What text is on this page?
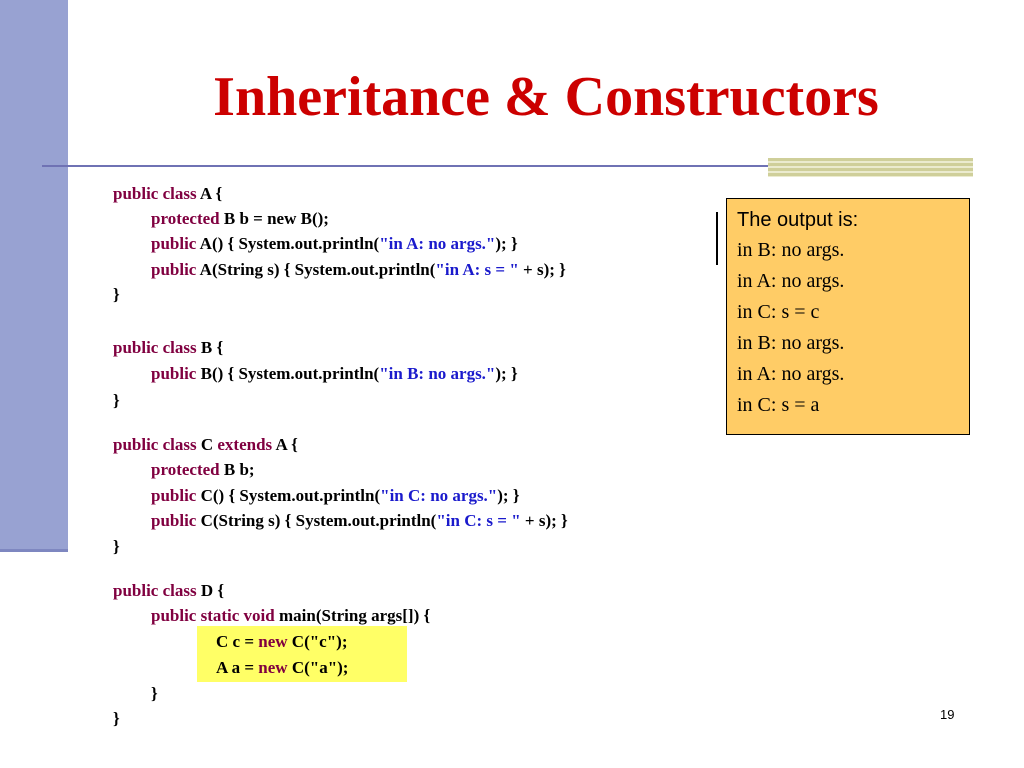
Inheritance & Constructors
public class A {
protected B b = new B();
public A() { System.out.println("in A: no args."); }
public A(String s) { System.out.println("in A: s = " + s); }
}
public class B {
public B() { System.out.println("in B: no args."); }
}
public class C extends A {
protected B b;
public C() { System.out.println("in C: no args."); }
public C(String s) { System.out.println("in C: s = " + s); }
}
public class D {
public static void main(String args[]) {
C c = new C("c");
A a = new C("a");
}
}
The output is:
in B: no args.
in A: no args.
in C: s = c
in B: no args.
in A: no args.
in C: s = a
19
